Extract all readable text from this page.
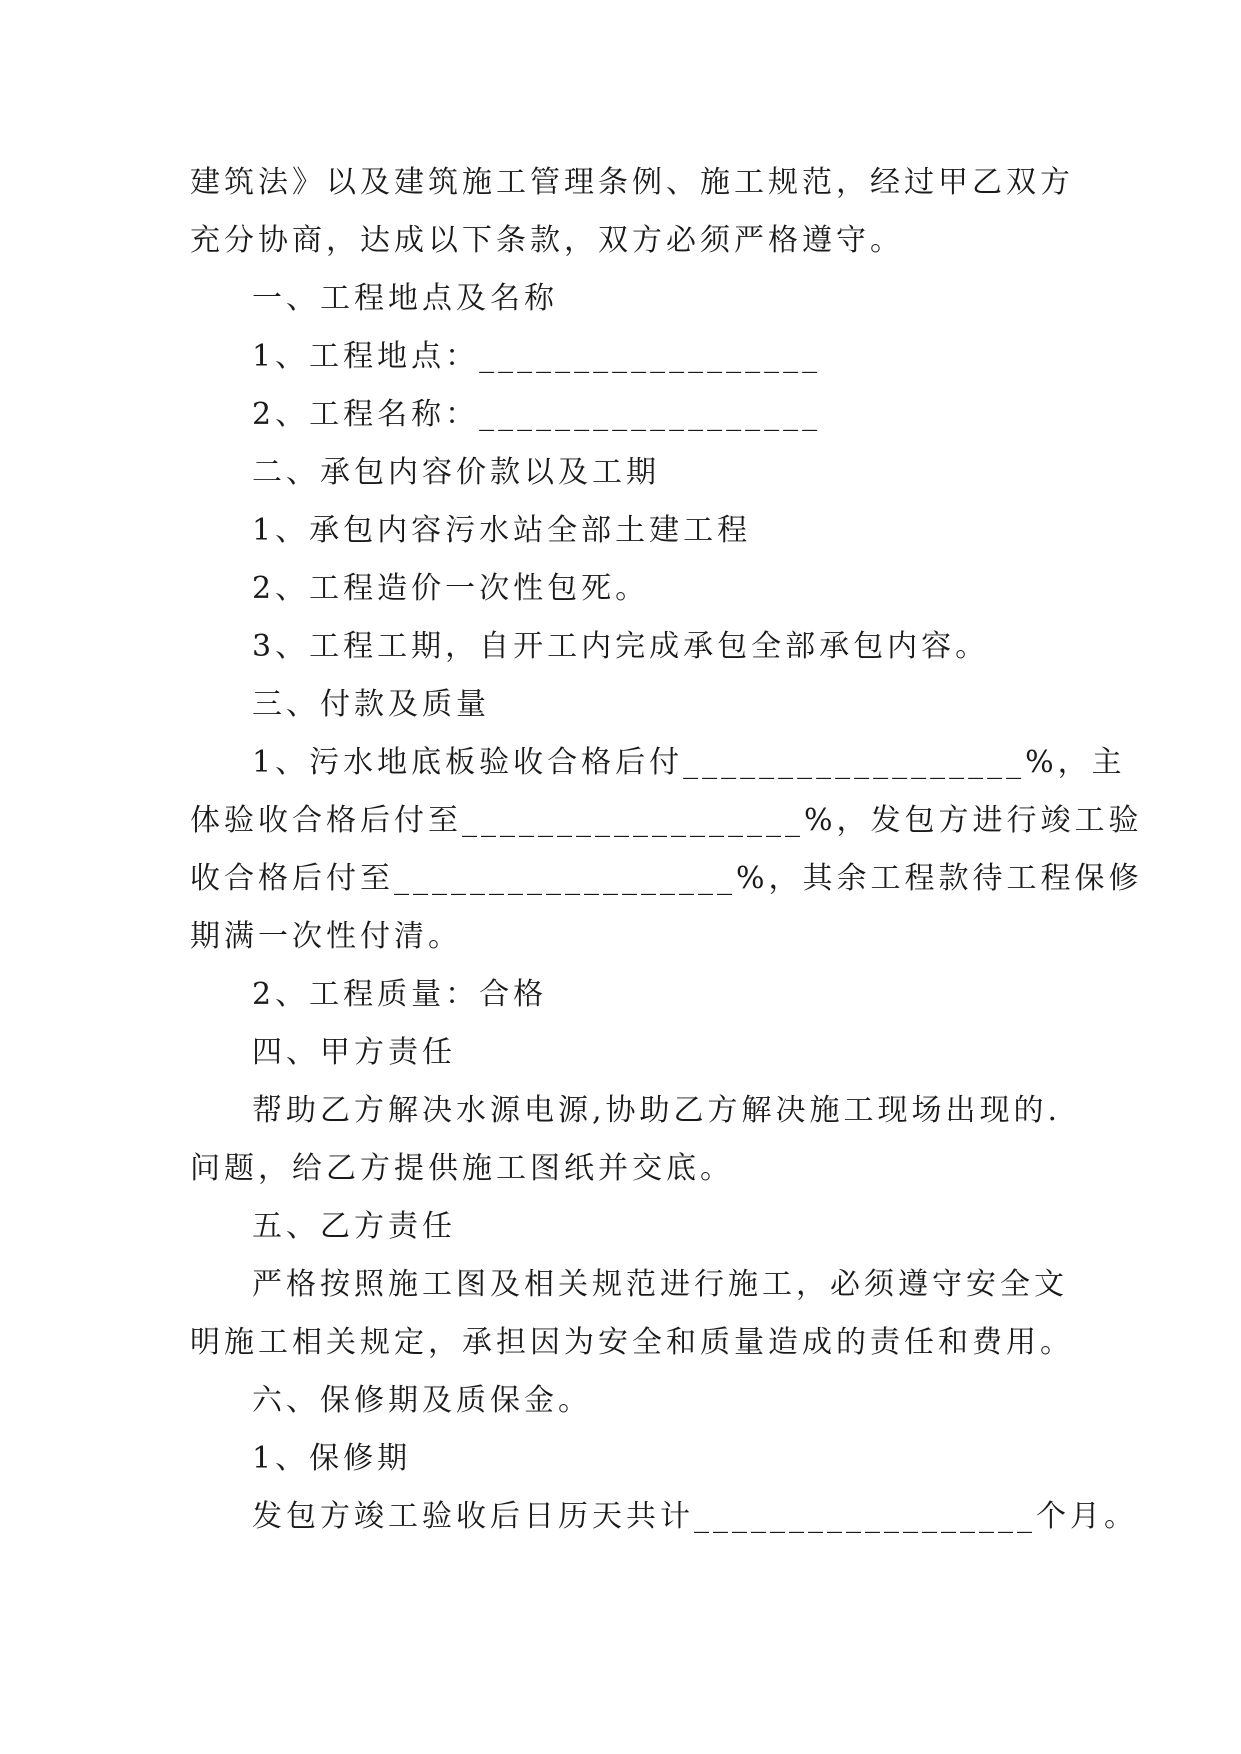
建筑法》以及建筑施工管理条例、施工规范，经过甲乙双方
充分协商，达成以下条款，双方必须严格遵守。
一、工程地点及名称
1、工程地点：__________________
2、工程名称：__________________
二、承包内容价款以及工期
1、承包内容污水站全部土建工程
2、工程造价一次性包死。
3、工程工期，自开工内完成承包全部承包内容。
三、付款及质量
1、污水地底板验收合格后付__________________%，主
体验收合格后付至__________________%，发包方进行竣工验
收合格后付至__________________%，其余工程款待工程保修
期满一次性付清。
2、工程质量：合格
四、甲方责任
帮助乙方解决水源电源,协助乙方解决施工现场出现的.
问题，给乙方提供施工图纸并交底。
五、乙方责任
严格按照施工图及相关规范进行施工，必须遵守安全文
明施工相关规定，承担因为安全和质量造成的责任和费用。
六、保修期及质保金。
1、保修期
发包方竣工验收后日历天共计__________________个月。
